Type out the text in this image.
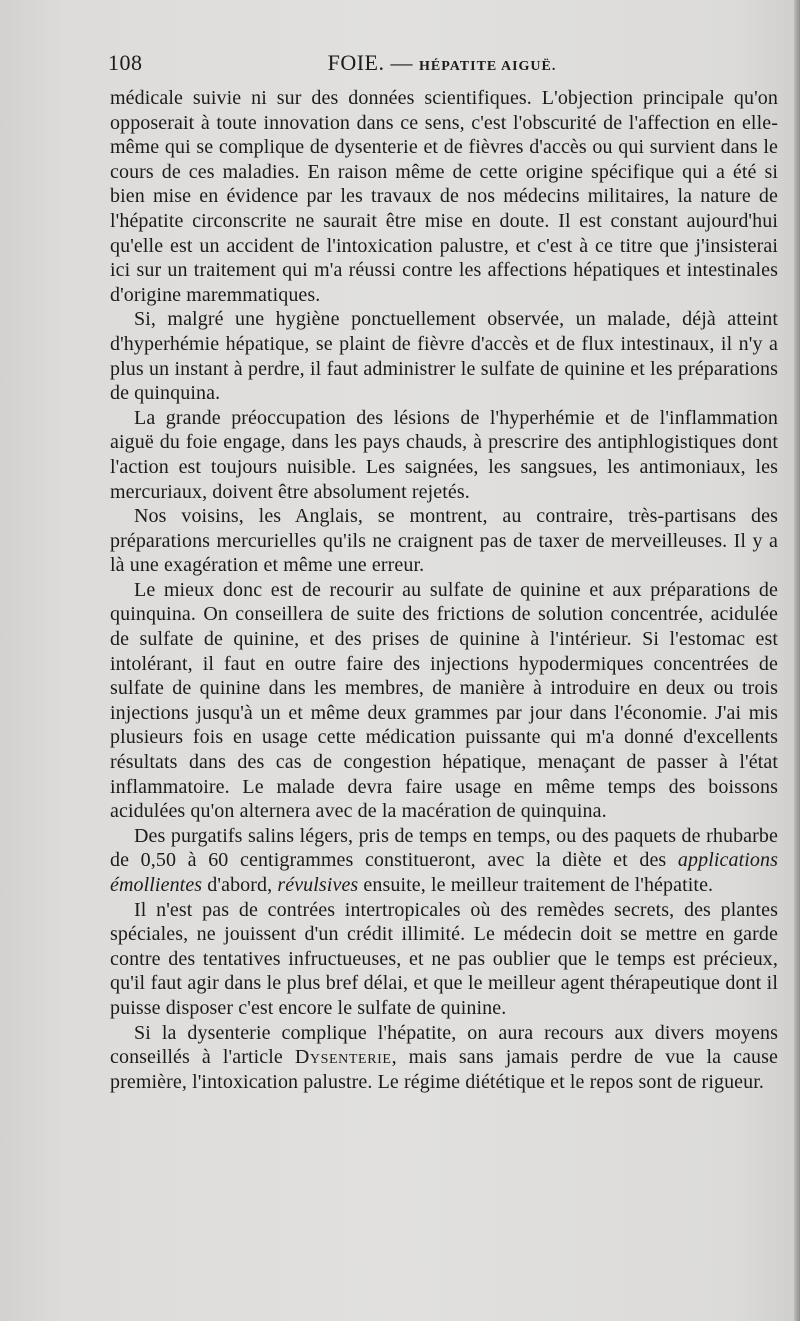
108	FOIE. — HÉPATITE AIGUË.

médicale suivie ni sur des données scientifiques. L'objection principale qu'on opposerait à toute innovation dans ce sens, c'est l'obscurité de l'affection en elle-même qui se complique de dysenterie et de fièvres d'accès ou qui survient dans le cours de ces maladies. En raison même de cette origine spécifique qui a été si bien mise en évidence par les travaux de nos médecins militaires, la nature de l'hépatite circonscrite ne saurait être mise en doute. Il est constant aujourd'hui qu'elle est un accident de l'intoxication palustre, et c'est à ce titre que j'insisterai ici sur un traitement qui m'a réussi contre les affections hépatiques et intestinales d'origine maremmatiques.

Si, malgré une hygiène ponctuellement observée, un malade, déjà atteint d'hyperhémie hépatique, se plaint de fièvre d'accès et de flux intestinaux, il n'y a plus un instant à perdre, il faut administrer le sulfate de quinine et les préparations de quinquina.

La grande préoccupation des lésions de l'hyperhémie et de l'inflammation aiguë du foie engage, dans les pays chauds, à prescrire des antiphlogistiques dont l'action est toujours nuisible. Les saignées, les sangsues, les antimoniaux, les mercuriaux, doivent être absolument rejetés.

Nos voisins, les Anglais, se montrent, au contraire, très-partisans des préparations mercurielles qu'ils ne craignent pas de taxer de merveilleuses. Il y a là une exagération et même une erreur.

Le mieux donc est de recourir au sulfate de quinine et aux préparations de quinquina. On conseillera de suite des frictions de solution concentrée, acidulée de sulfate de quinine, et des prises de quinine à l'intérieur. Si l'estomac est intolérant, il faut en outre faire des injections hypodermiques concentrées de sulfate de quinine dans les membres, de manière à introduire en deux ou trois injections jusqu'à un et même deux grammes par jour dans l'économie. J'ai mis plusieurs fois en usage cette médication puissante qui m'a donné d'excellents résultats dans des cas de congestion hépatique, menaçant de passer à l'état inflammatoire. Le malade devra faire usage en même temps des boissons acidulées qu'on alternera avec de la macération de quinquina.

Des purgatifs salins légers, pris de temps en temps, ou des paquets de rhubarbe de 0,50 à 60 centigrammes constitueront, avec la diète et des applications émollientes d'abord, révulsives ensuite, le meilleur traitement de l'hépatite.

Il n'est pas de contrées intertropicales où des remèdes secrets, des plantes spéciales, ne jouissent d'un crédit illimité. Le médecin doit se mettre en garde contre des tentatives infructueuses, et ne pas oublier que le temps est précieux, qu'il faut agir dans le plus bref délai, et que le meilleur agent thérapeutique dont il puisse disposer c'est encore le sulfate de quinine.

Si la dysenterie complique l'hépatite, on aura recours aux divers moyens conseillés à l'article Dysenterie, mais sans jamais perdre de vue la cause première, l'intoxication palustre. Le régime diététique et le repos sont de rigueur.
